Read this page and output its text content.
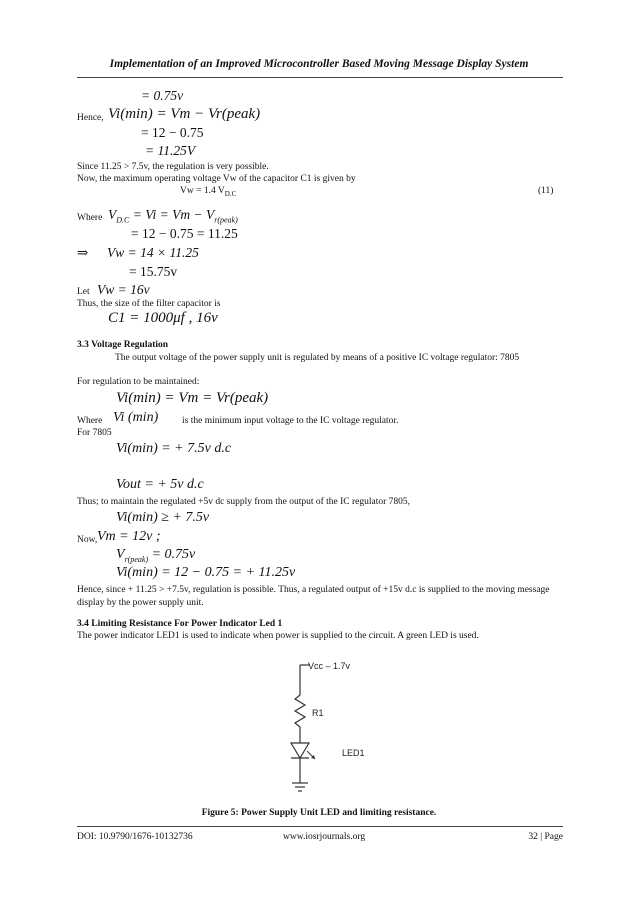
Implementation of an Improved Microcontroller Based Moving Message Display System
= 0.75v
Hence, Vi(min) = Vm − Vr(peak)
= 12 − 0.75
= 11.25V
Since 11.25 > 7.5v, the regulation is very possible.
Now, the maximum operating voltage Vw of the capacitor C1 is given by
Vw = 1.4 $V_{D.C}$	(11)
Where $V_{D.C} = Vi = Vm - V_{r(peak)}$
= 12 − 0.75 = 11.25
⇒ Vw = 14 × 11.25
= 15.75v
Let Vw = 16v
Thus, the size of the filter capacitor is
C1 = 1000μf , 16v
3.3 Voltage Regulation
The output voltage of the power supply unit is regulated by means of a positive IC voltage regulator: 7805
For regulation to be maintained:
Vi(min) = Vm = Vr(peak)
Where Vi (min)	is the minimum input voltage to the IC voltage regulator.
For 7805
Vi(min) = + 7.5v d.c
Vout = + 5v d.c
Thus; to maintain the regulated +5v dc supply from the output of the IC regulator 7805,
Vi(min) ≥ + 7.5v
Now, Vm = 12v ;
$V_{r(peak)} = 0.75v$
Vi(min) = 12 − 0.75 = + 11.25v
Hence, since + 11.25 > +7.5v, regulation is possible. Thus, a regulated output of +15v d.c is supplied to the moving message display by the power supply unit.
3.4 Limiting Resistance For Power Indicator Led 1
The power indicator LED1 is used to indicate when power is supplied to the circuit. A green LED is used.
Vcc – 1.7v
R1
LED1
Figure 5: Power Supply Unit LED and limiting resistance.
DOI: 10.9790/1676-10132736	www.iosrjournals.org	32 | Page
